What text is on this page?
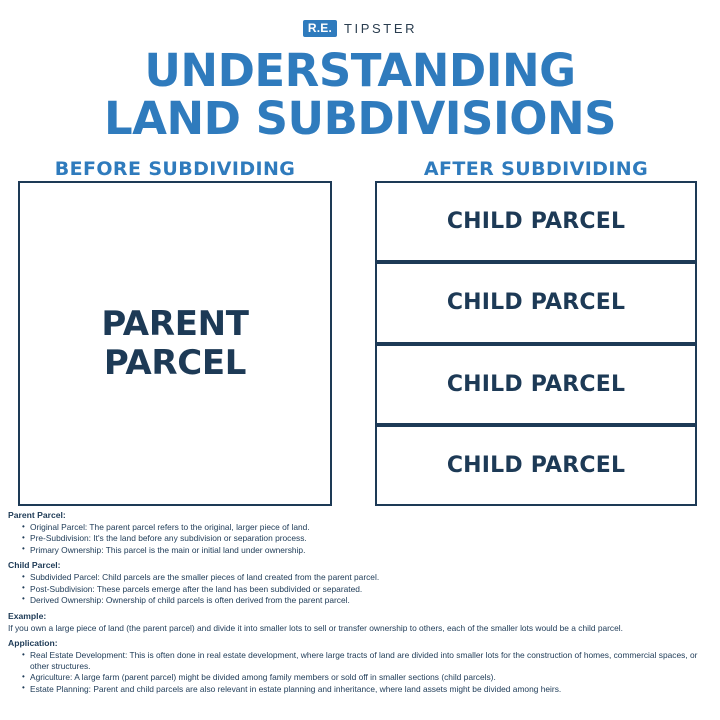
R.E. TIPSTER
UNDERSTANDING
LAND SUBDIVISIONS
BEFORE SUBDIVIDING	AFTER SUBDIVIDING
PARENT
PARCEL
CHILD PARCEL
CHILD PARCEL
CHILD PARCEL
CHILD PARCEL
Parent Parcel:
• Original Parcel: The parent parcel refers to the original, larger piece of land.
• Pre-Subdivision: It's the land before any subdivision or separation process.
• Primary Ownership: This parcel is the main or initial land under ownership.
Child Parcel:
• Subdivided Parcel: Child parcels are the smaller pieces of land created from the parent parcel.
• Post-Subdivision: These parcels emerge after the land has been subdivided or separated.
• Derived Ownership: Ownership of child parcels is often derived from the parent parcel.
Example:

If you own a large piece of land (the parent parcel) and divide it into smaller lots to sell or transfer ownership to others, each of the smaller lots would be a child parcel.

Application:
• Real Estate Development: This is often done in real estate development, where large tracts of land are divided into smaller lots for the construction of homes, commercial spaces, or other structures.
• Agriculture: A large farm (parent parcel) might be divided among family members or sold off in smaller sections (child parcels).
• Estate Planning: Parent and child parcels are also relevant in estate planning and inheritance, where land assets might be divided among heirs.
